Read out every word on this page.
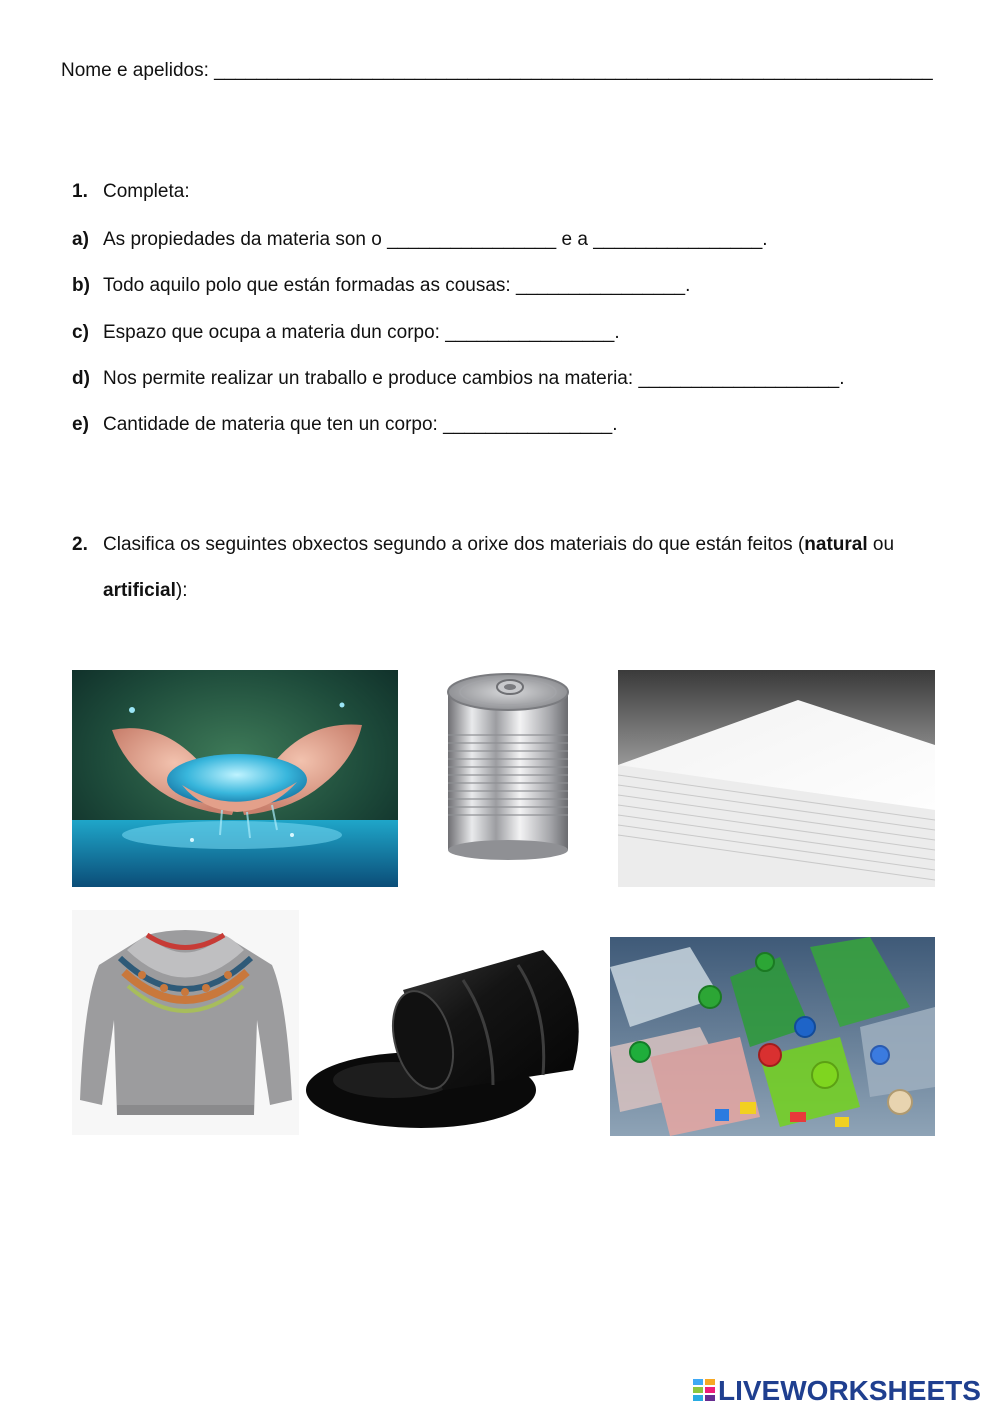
Nome e apelidos: ____________________________________________________________________
1. Completa:
a) As propiedades da materia son o ________________ e a ________________.
b) Todo aquilo polo que están formadas as cousas: ________________.
c) Espazo que ocupa a materia dun corpo: ________________.
d) Nos permite realizar un traballo e produce cambios na materia: ___________________.
e) Cantidade de materia que ten un corpo: ________________.
2. Clasifica os seguintes obxectos segundo a orixe dos materiais do que están feitos (natural ou
artificial):
LIVEWORKSHEETS
